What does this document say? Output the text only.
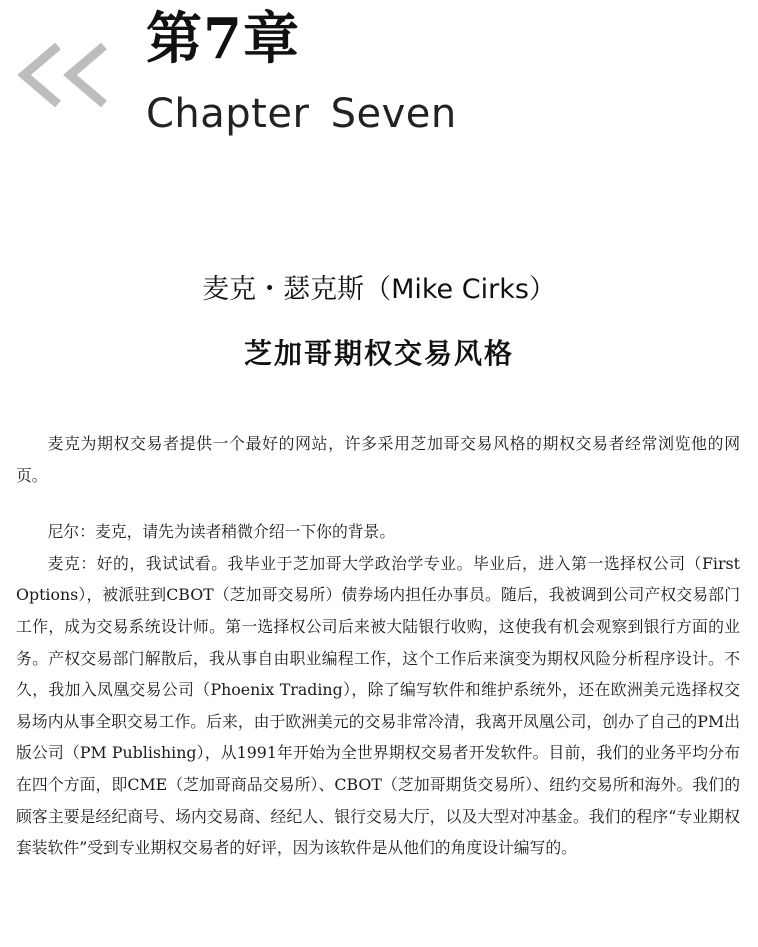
第7章
Chapter Seven
麦克・瑟克斯（Mike Cirks）
芝加哥期权交易风格

麦克为期权交易者提供一个最好的网站，许多采用芝加哥交易风格的期权交易者经常浏览他的网页。

尼尔：麦克，请先为读者稍微介绍一下你的背景。

麦克：好的，我试试看。我毕业于芝加哥大学政治学专业。毕业后，进入第一选择权公司（First Options），被派驻到CBOT（芝加哥交易所）债券场内担任办事员。随后，我被调到公司产权交易部门工作，成为交易系统设计师。第一选择权公司后来被大陆银行收购，这使我有机会观察到银行方面的业务。产权交易部门解散后，我从事自由职业编程工作，这个工作后来演变为期权风险分析程序设计。不久，我加入凤凰交易公司（Phoenix Trading），除了编写软件和维护系统外，还在欧洲美元选择权交易场内从事全职交易工作。后来，由于欧洲美元的交易非常冷清，我离开凤凰公司，创办了自己的PM出版公司（PM Publishing），从1991年开始为全世界期权交易者开发软件。目前，我们的业务平均分布在四个方面，即CME（芝加哥商品交易所）、CBOT（芝加哥期货交易所）、纽约交易所和海外。我们的顾客主要是经纪商号、场内交易商、经纪人、银行交易大厅，以及大型对冲基金。我们的程序“专业期权套装软件”受到专业期权交易者的好评，因为该软件是从他们的角度设计编写的。
